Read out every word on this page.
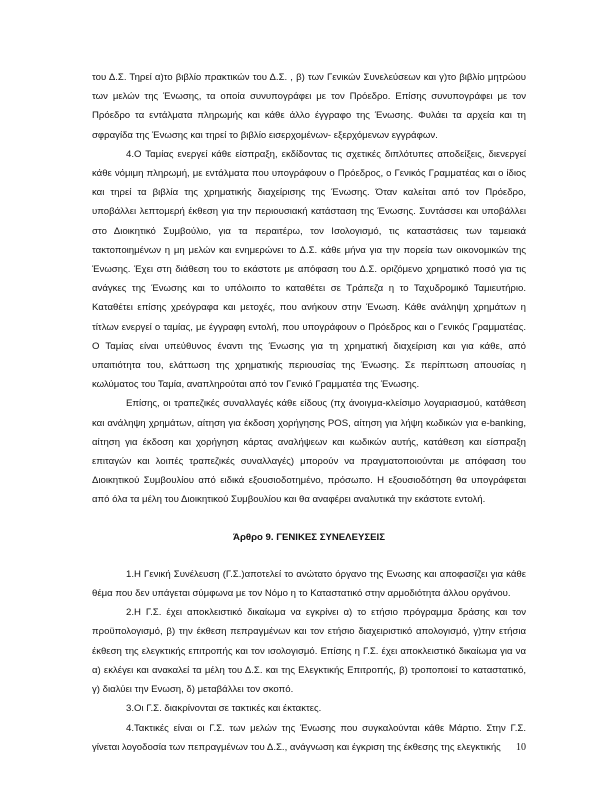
του Δ.Σ. Τηρεί α)το βιβλίο πρακτικών του Δ.Σ. , β) των Γενικών Συνελεύσεων και γ)το βιβλίο μητρώου των μελών της Ένωσης, τα οποία συνυπογράφει με τον Πρόεδρο. Επίσης συνυπογράφει με τον Πρόεδρο τα εντάλματα πληρωμής και κάθε άλλο έγγραφο της Ένωσης. Φυλάει τα αρχεία και τη σφραγίδα της Ένωσης και τηρεί το βιβλίο εισερχομένων- εξερχόμενων εγγράφων.

4.Ο Ταμίας ενεργεί κάθε είσπραξη, εκδίδοντας τις σχετικές διπλότυπες αποδείξεις, διενεργεί κάθε νόμιμη πληρωμή, με εντάλματα που υπογράφουν ο Πρόεδρος, ο Γενικός Γραμματέας και ο ίδιος και τηρεί τα βιβλία της χρηματικής διαχείρισης της Ένωσης. Όταν καλείται από τον Πρόεδρο, υποβάλλει λεπτομερή έκθεση για την περιουσιακή κατάσταση της Ένωσης. Συντάσσει και υποβάλλει στο Διοικητικό Συμβούλιο, για τα περαιτέρω, τον Ισολογισμό, τις καταστάσεις των ταμειακά τακτοποιημένων η μη μελών και ενημερώνει το Δ.Σ. κάθε μήνα για την πορεία των οικονομικών της Ένωσης. Έχει στη διάθεση του το εκάστοτε με απόφαση του Δ.Σ. οριζόμενο χρηματικό ποσό για τις ανάγκες της Ένωσης και το υπόλοιπο το καταθέτει σε Τράπεζα η το Ταχυδρομικό Ταμιευτήριο. Καταθέτει επίσης χρεόγραφα και μετοχές, που ανήκουν στην Ένωση. Κάθε ανάληψη χρημάτων η τίτλων ενεργεί ο ταμίας, με έγγραφη εντολή, που υπογράφουν ο Πρόεδρος και ο Γενικός Γραμματέας. Ο Ταμίας είναι υπεύθυνος έναντι της Ένωσης για τη χρηματική διαχείριση και για κάθε, από υπαιτιότητα του, ελάττωση της χρηματικής περιουσίας της Ένωσης. Σε περίπτωση απουσίας η κωλύματος του Ταμία, αναπληρούται από τον Γενικό Γραμματέα της Ένωσης.

Επίσης, οι τραπεζικές συναλλαγές κάθε είδους (πχ άνοιγμα-κλείσιμο λογαριασμού, κατάθεση και ανάληψη χρημάτων, αίτηση για έκδοση χορήγησης POS, αίτηση για λήψη κωδικών για e-banking, αίτηση για έκδοση και χορήγηση κάρτας αναλήψεων και κωδικών αυτής, κατάθεση και είσπραξη επιταγών και λοιπές τραπεζικές συναλλαγές) μπορούν να πραγματοποιούνται με απόφαση του Διοικητικού Συμβουλίου από ειδικά εξουσιοδοτημένο, πρόσωπο. Η εξουσιοδότηση θα υπογράφεται από όλα τα μέλη του Διοικητικού Συμβουλίου και θα αναφέρει αναλυτικά την εκάστοτε εντολή.

Άρθρο 9. ΓΕΝΙΚΕΣ ΣΥΝΕΛΕΥΣΕΙΣ

1.Η Γενική Συνέλευση (Γ.Σ.)αποτελεί το ανώτατο όργανο της Ενωσης και αποφασίζει για κάθε θέμα που δεν υπάγεται σύμφωνα με τον Νόμο η το Καταστατικό στην αρμοδιότητα άλλου οργάνου.

2.Η Γ.Σ. έχει αποκλειστικό δικαίωμα να εγκρίνει α) το ετήσιο πρόγραμμα δράσης και τον προϋπολογισμό, β) την έκθεση πεπραγμένων και τον ετήσιο διαχειριστικό απολογισμό, γ)την ετήσια έκθεση της ελεγκτικής επιτροπής και τον ισολογισμό. Επίσης η Γ.Σ. έχει αποκλειστικό δικαίωμα για να α) εκλέγει και ανακαλεί τα μέλη του Δ.Σ. και της Ελεγκτικής Επιτροπής, β) τροποποιεί το καταστατικό, γ) διαλύει την Ενωση, δ) μεταβάλλει τον σκοπό.

3.Οι Γ.Σ. διακρίνονται σε τακτικές και έκτακτες.

4.Τακτικές είναι οι Γ.Σ. των μελών της Ένωσης που συγκαλούνται κάθε Μάρτιο. Στην Γ.Σ. γίνεται λογοδοσία των πεπραγμένων του Δ.Σ., ανάγνωση και έγκριση της έκθεσης της ελεγκτικής	10
